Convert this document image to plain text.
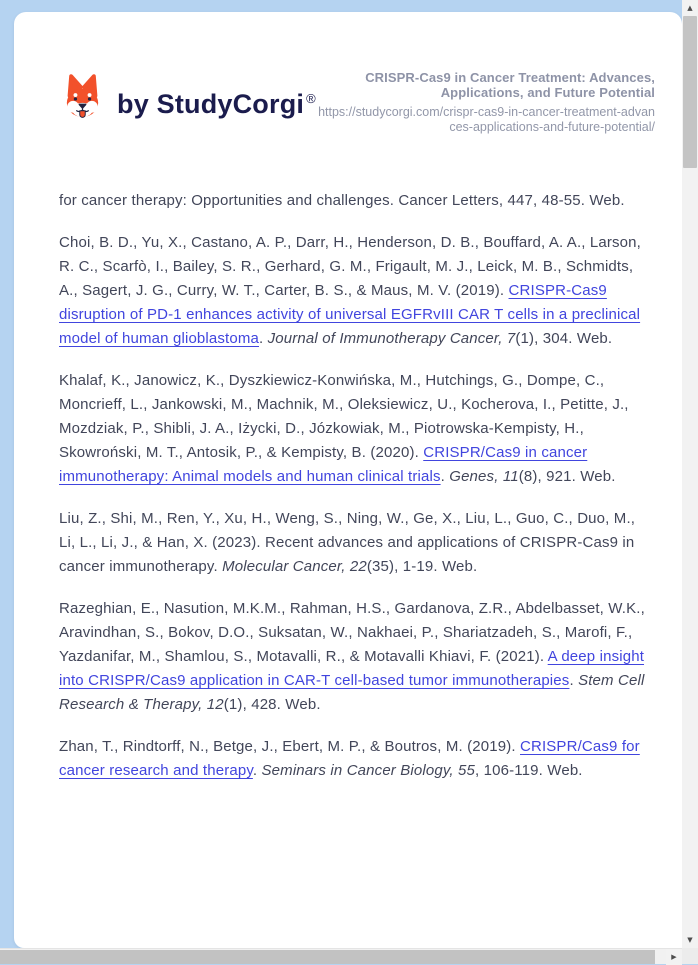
by StudyCorgi ®
CRISPR-Cas9 in Cancer Treatment: Advances, Applications, and Future Potential
https://studycorgi.com/crispr-cas9-in-cancer-treatment-advances-applications-and-future-potential/

for cancer therapy: Opportunities and challenges. Cancer Letters, 447, 48-55. Web.

Choi, B. D., Yu, X., Castano, A. P., Darr, H., Henderson, D. B., Bouffard, A. A., Larson, R. C., Scarfò, I., Bailey, S. R., Gerhard, G. M., Frigault, M. J., Leick, M. B., Schmidts, A., Sagert, J. G., Curry, W. T., Carter, B. S., & Maus, M. V. (2019). CRISPR-Cas9 disruption of PD-1 enhances activity of universal EGFRvIII CAR T cells in a preclinical model of human glioblastoma. Journal of Immunotherapy Cancer, 7(1), 304. Web.

Khalaf, K., Janowicz, K., Dyszkiewicz-Konwińska, M., Hutchings, G., Dompe, C., Moncrieff, L., Jankowski, M., Machnik, M., Oleksiewicz, U., Kocherova, I., Petitte, J., Mozdziak, P., Shibli, J. A., Iżycki, D., Józkowiak, M., Piotrowska-Kempisty, H., Skowroński, M. T., Antosik, P., & Kempisty, B. (2020). CRISPR/Cas9 in cancer immunotherapy: Animal models and human clinical trials. Genes, 11(8), 921. Web.

Liu, Z., Shi, M., Ren, Y., Xu, H., Weng, S., Ning, W., Ge, X., Liu, L., Guo, C., Duo, M., Li, L., Li, J., & Han, X. (2023). Recent advances and applications of CRISPR-Cas9 in cancer immunotherapy. Molecular Cancer, 22(35), 1-19. Web.

Razeghian, E., Nasution, M.K.M., Rahman, H.S., Gardanova, Z.R., Abdelbasset, W.K., Aravindhan, S., Bokov, D.O., Suksatan, W., Nakhaei, P., Shariatzadeh, S., Marofi, F., Yazdanifar, M., Shamlou, S., Motavalli, R., & Motavalli Khiavi, F. (2021). A deep insight into CRISPR/Cas9 application in CAR-T cell-based tumor immunotherapies. Stem Cell Research & Therapy, 12(1), 428. Web.

Zhan, T., Rindtorff, N., Betge, J., Ebert, M. P., & Boutros, M. (2019). CRISPR/Cas9 for cancer research and therapy. Seminars in Cancer Biology, 55, 106-119. Web.

▲
▼
▶
